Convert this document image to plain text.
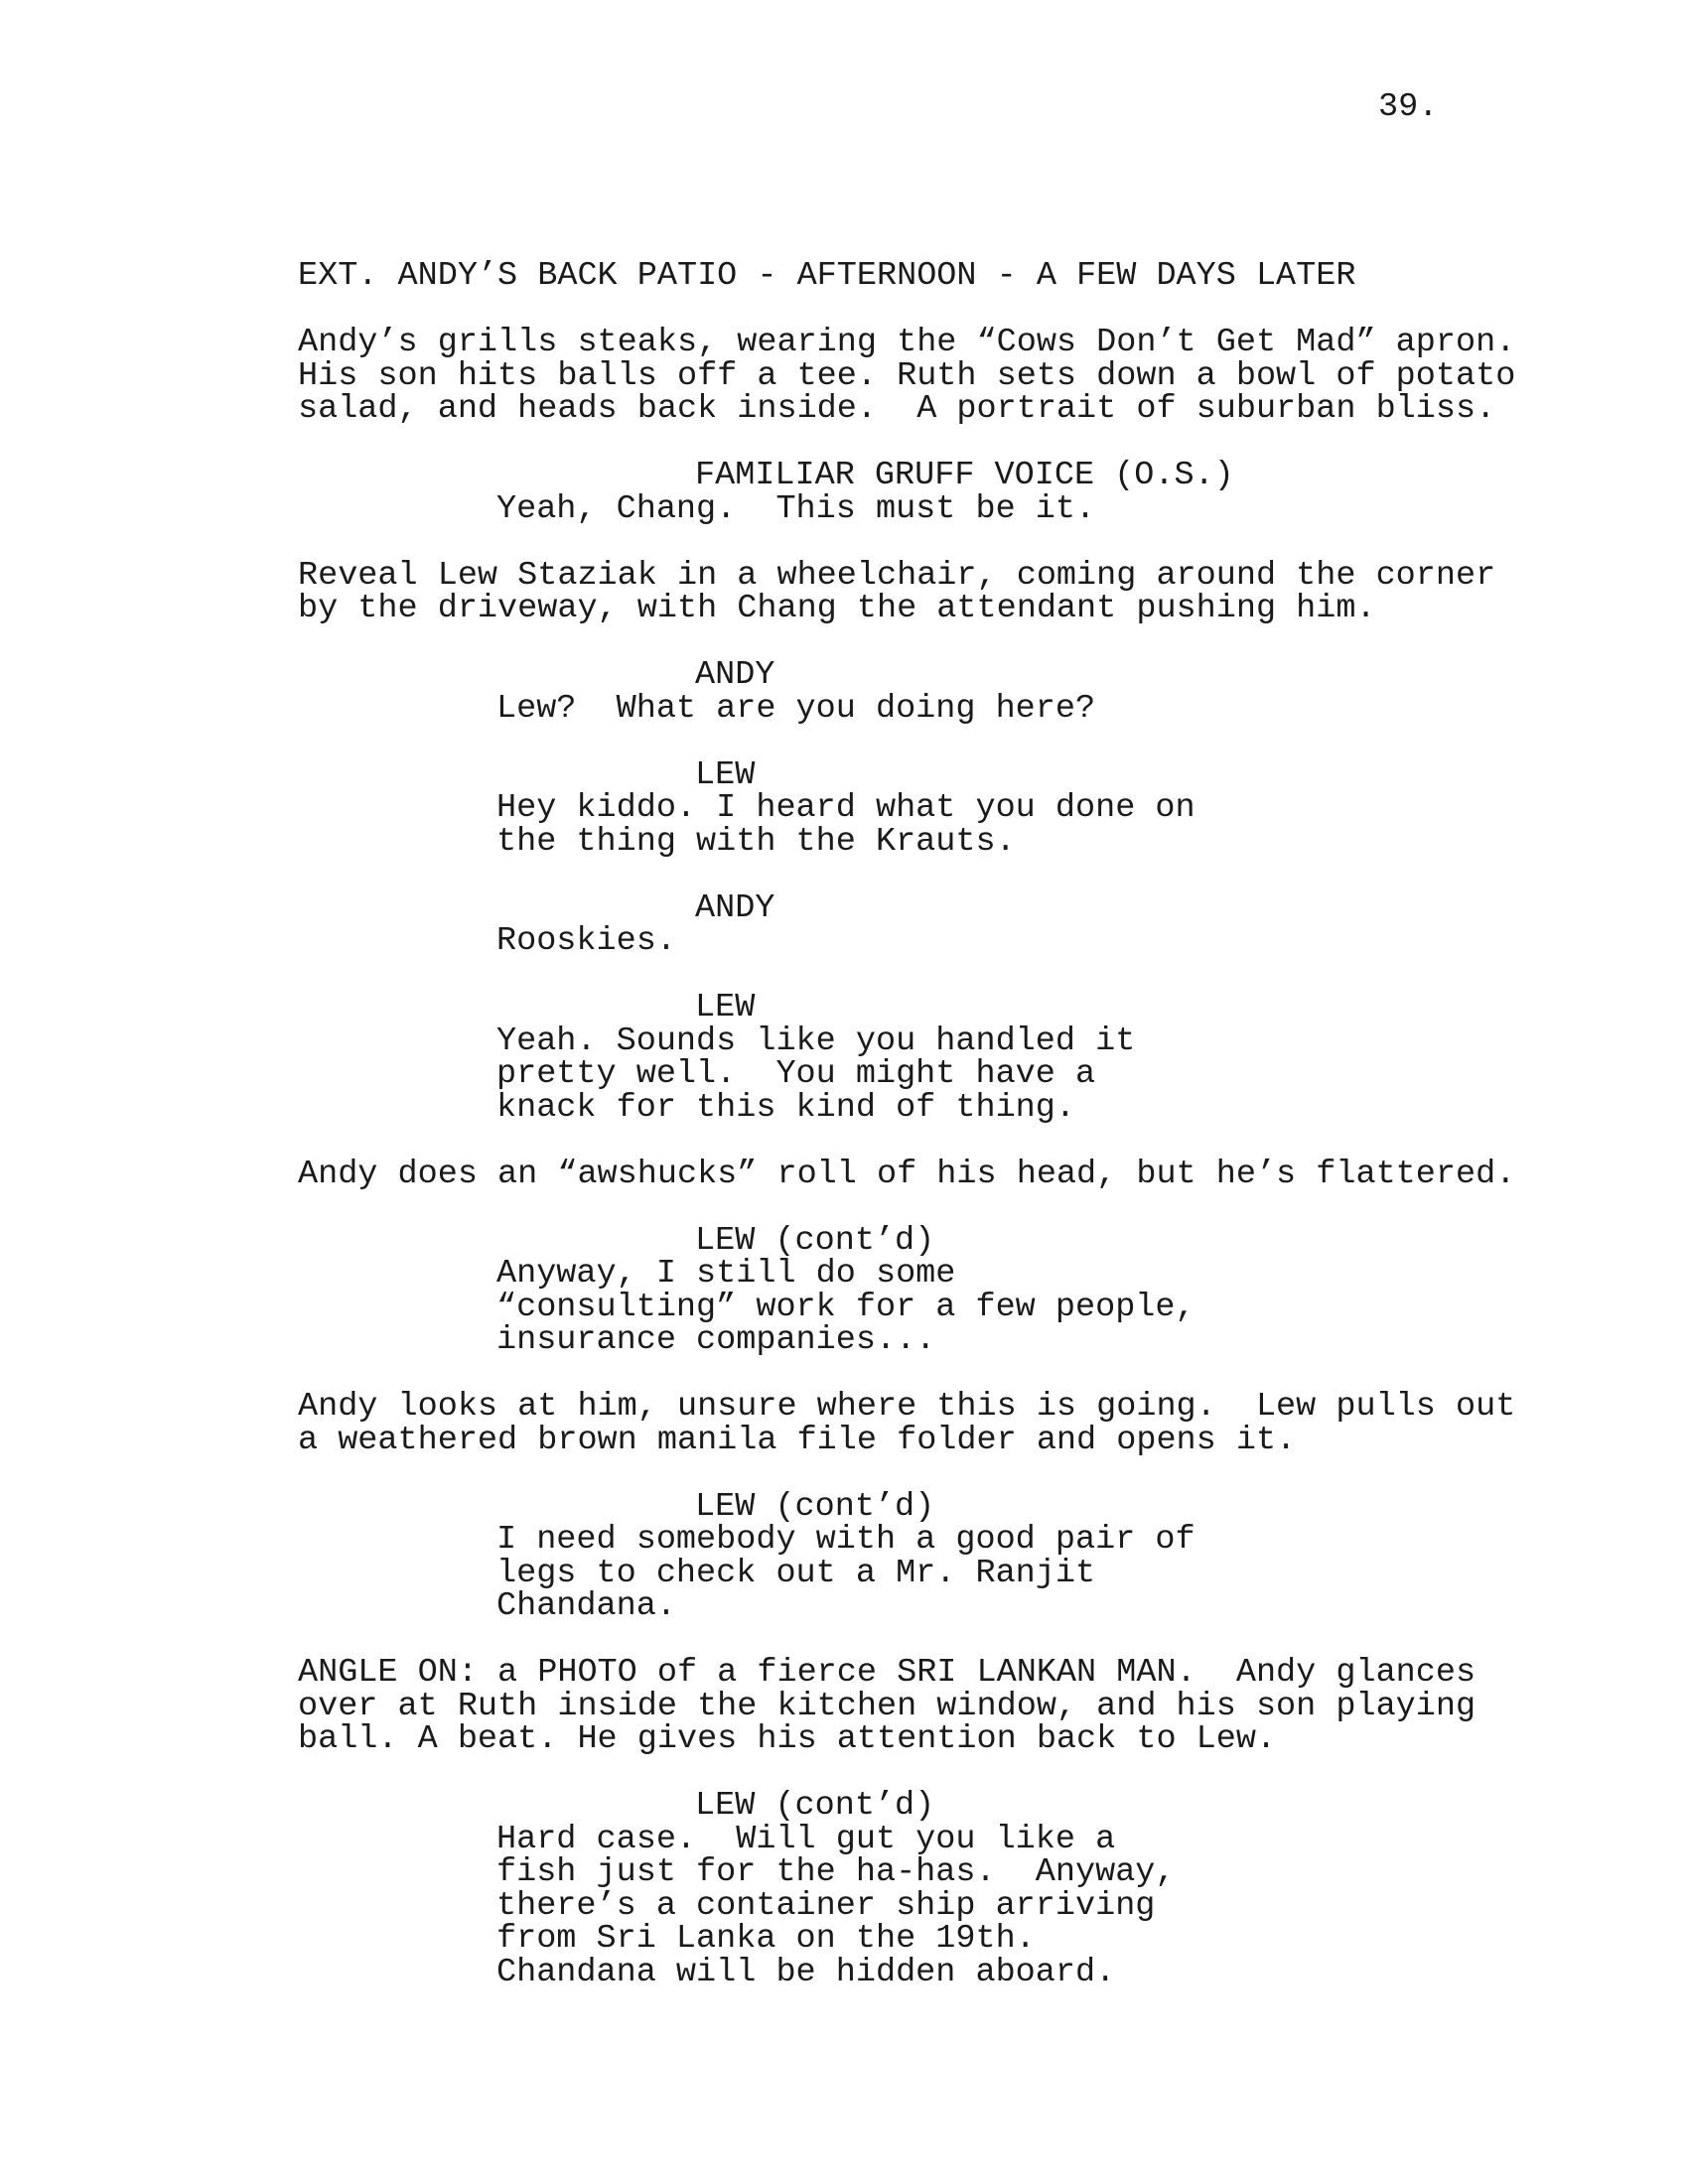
39.
EXT. ANDY’S BACK PATIO - AFTERNOON - A FEW DAYS LATER
Andy’s grills steaks, wearing the “Cows Don’t Get Mad” apron.
His son hits balls off a tee. Ruth sets down a bowl of potato
salad, and heads back inside.  A portrait of suburban bliss.
FAMILIAR GRUFF VOICE (O.S.)
Yeah, Chang.  This must be it.
Reveal Lew Staziak in a wheelchair, coming around the corner
by the driveway, with Chang the attendant pushing him.
ANDY
Lew?  What are you doing here?
LEW
Hey kiddo. I heard what you done on
the thing with the Krauts.
ANDY
Rooskies.
LEW
Yeah. Sounds like you handled it
pretty well.  You might have a
knack for this kind of thing.
Andy does an “awshucks” roll of his head, but he’s flattered.
LEW (cont’d)
Anyway, I still do some
“consulting” work for a few people,
insurance companies...
Andy looks at him, unsure where this is going.  Lew pulls out
a weathered brown manila file folder and opens it.
LEW (cont’d)
I need somebody with a good pair of
legs to check out a Mr. Ranjit
Chandana.
ANGLE ON: a PHOTO of a fierce SRI LANKAN MAN.  Andy glances
over at Ruth inside the kitchen window, and his son playing
ball. A beat. He gives his attention back to Lew.
LEW (cont’d)
Hard case.  Will gut you like a
fish just for the ha-has.  Anyway,
there’s a container ship arriving
from Sri Lanka on the 19th.
Chandana will be hidden aboard.
